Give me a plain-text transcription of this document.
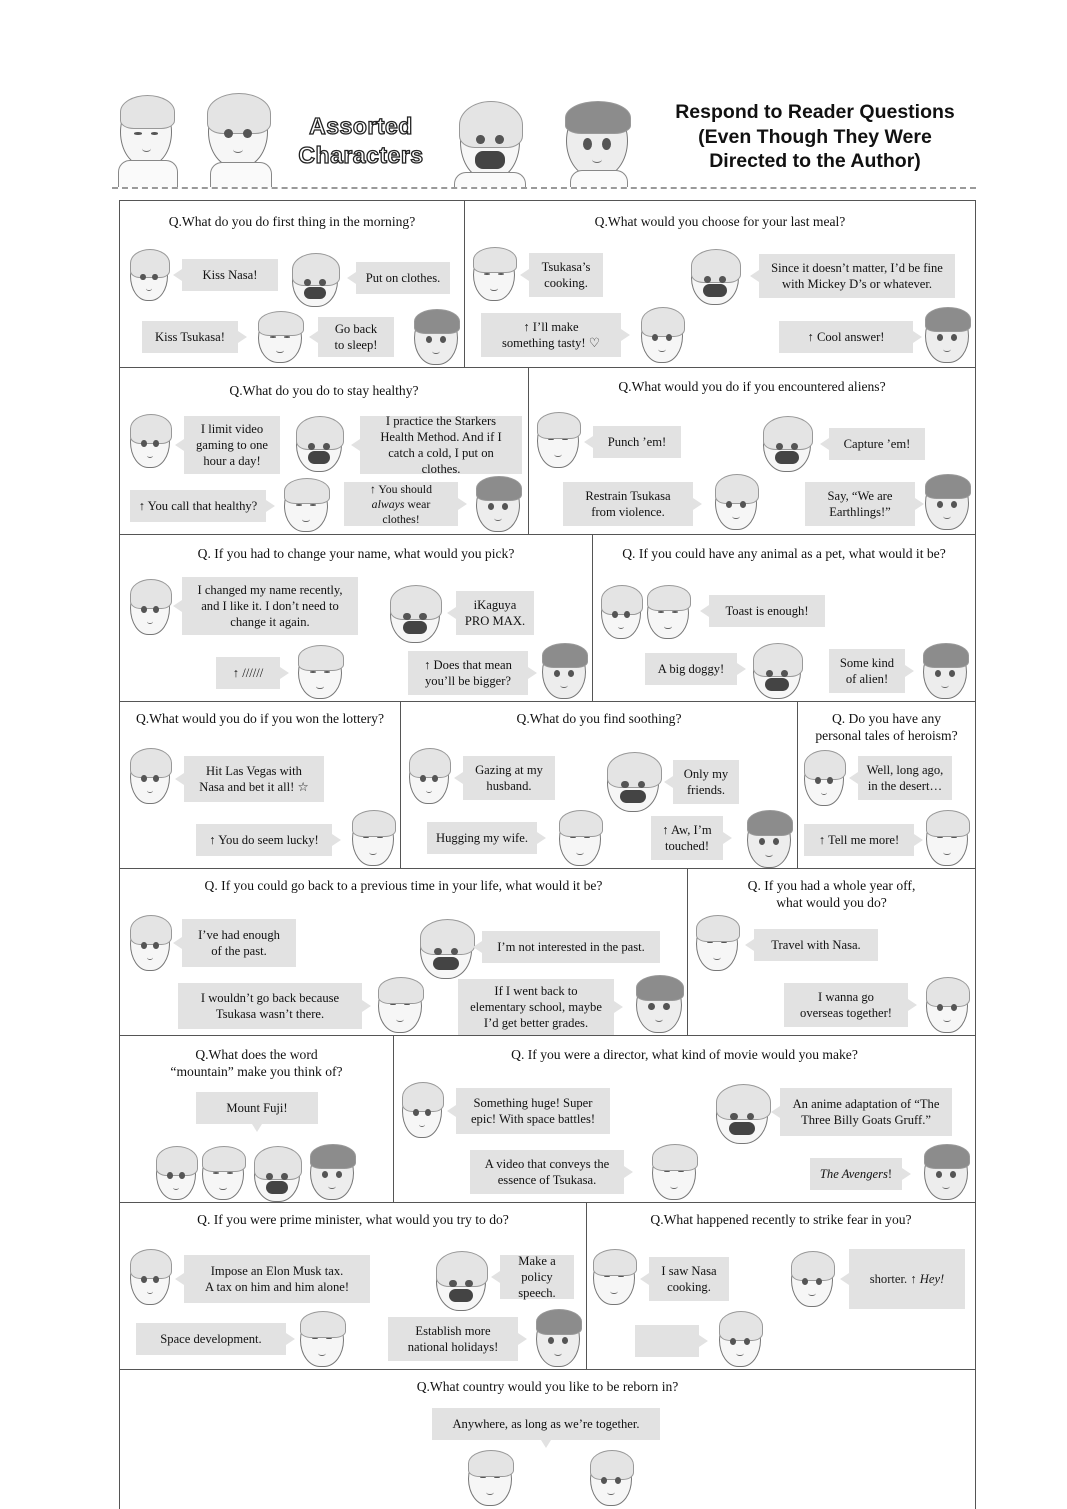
Assorted
Characters
Respond to Reader Questions
(Even Though They Were
Directed to the Author)
Q.What do you do first thing in the morning?
Kiss Nasa!	Put on clothes.
Kiss Tsukasa!
Go back
to sleep!
Q.What would you choose for your last meal?
Tsukasa’s
cooking.
Since it doesn’t matter, I’d be fine
with Mickey D’s or whatever.
↑ I’ll make
something tasty! ♡	↑ Cool answer!
Q.What do you do to stay healthy?
I limit video
gaming to one
hour a day!
I practice the Starkers
Health Method. And if I
catch a cold, I put on clothes.
↑ You call that healthy?
↑ You should
always wear clothes!
Q.What would you do if you encountered aliens?
Punch ’em!	Capture ’em!
Restrain Tsukasa
from violence.
Say, “We are
Earthlings!”
Q. If you had to change your name, what would you pick?
I changed my name recently,
and I like it. I don’t need to
change it again.
iKaguya
PRO MAX.
↑ //////
↑ Does that mean
you’ll be bigger?
Q. If you could have any animal as a pet, what would it be?
Toast is enough!
A big doggy!	Some kind
of alien!
Q.What would you do if you won the lottery?
Hit Las Vegas with
Nasa and bet it all! ☆
↑ You do seem lucky!
Q.What do you find soothing?
Gazing at my
husband.
Only my
friends.
Hugging my wife.
↑ Aw, I’m
touched!
Q. Do you have any
personal tales of heroism?
Well, long ago,
in the desert…
↑ Tell me more!
Q. If you could go back to a previous time in your life, what would it be?
I’ve had enough
of the past.	I’m not interested in the past.
I wouldn’t go back because
Tsukasa wasn’t there.
If I went back to
elementary school, maybe
I’d get better grades.
Q. If you had a whole year off,
what would you do?
Travel with Nasa.
I wanna go
overseas together!
Q.What does the word
“mountain” make you think of?
Mount Fuji!
Q. If you were a director, what kind of movie would you make?
Something huge! Super
epic! With space battles!
An anime adaptation of “The
Three Billy Goats Gruff.”
A video that conveys the
essence of Tsukasa.	The Avengers !
Q. If you were prime minister, what would you try to do?
Impose an Elon Musk tax.
A tax on him and him alone!
Make a policy
speech.
Space development.
Establish more
national holidays!
Q.What happened recently to strike fear in you?
I saw Nasa
cooking.
shorter. ↑ Hey!
Q.What country would you like to be reborn in?
Anywhere, as long as we’re together.
